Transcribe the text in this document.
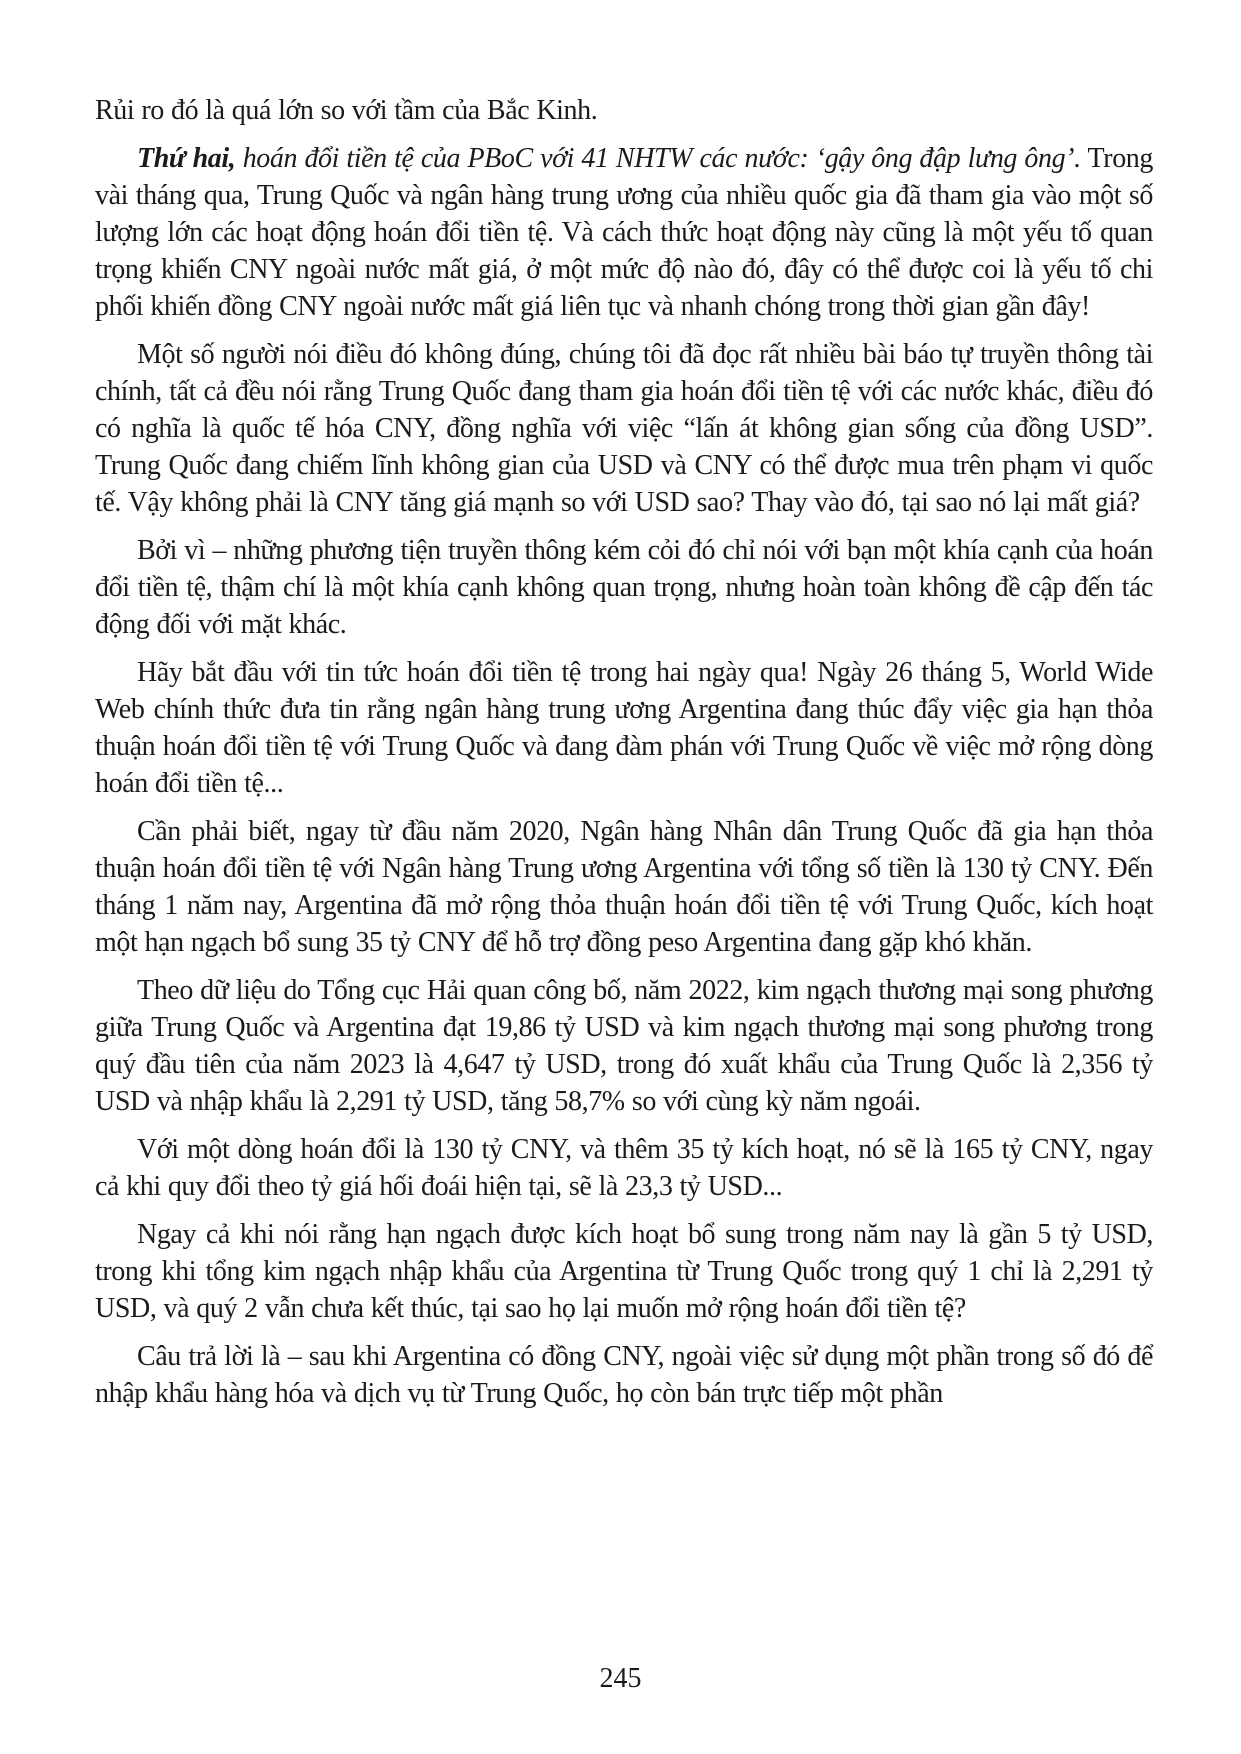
Rủi ro đó là quá lớn so với tầm của Bắc Kinh.

Thứ hai, hoán đổi tiền tệ của PBoC với 41 NHTW các nước: ‘gậy ông đập lưng ông’. Trong vài tháng qua, Trung Quốc và ngân hàng trung ương của nhiều quốc gia đã tham gia vào một số lượng lớn các hoạt động hoán đổi tiền tệ. Và cách thức hoạt động này cũng là một yếu tố quan trọng khiến CNY ngoài nước mất giá, ở một mức độ nào đó, đây có thể được coi là yếu tố chi phối khiến đồng CNY ngoài nước mất giá liên tục và nhanh chóng trong thời gian gần đây!

Một số người nói điều đó không đúng, chúng tôi đã đọc rất nhiều bài báo tự truyền thông tài chính, tất cả đều nói rằng Trung Quốc đang tham gia hoán đổi tiền tệ với các nước khác, điều đó có nghĩa là quốc tế hóa CNY, đồng nghĩa với việc “lấn át không gian sống của đồng USD”. Trung Quốc đang chiếm lĩnh không gian của USD và CNY có thể được mua trên phạm vi quốc tế. Vậy không phải là CNY tăng giá mạnh so với USD sao? Thay vào đó, tại sao nó lại mất giá?

Bởi vì – những phương tiện truyền thông kém cỏi đó chỉ nói với bạn một khía cạnh của hoán đổi tiền tệ, thậm chí là một khía cạnh không quan trọng, nhưng hoàn toàn không đề cập đến tác động đối với mặt khác.

Hãy bắt đầu với tin tức hoán đổi tiền tệ trong hai ngày qua! Ngày 26 tháng 5, World Wide Web chính thức đưa tin rằng ngân hàng trung ương Argentina đang thúc đẩy việc gia hạn thỏa thuận hoán đổi tiền tệ với Trung Quốc và đang đàm phán với Trung Quốc về việc mở rộng dòng hoán đổi tiền tệ...

Cần phải biết, ngay từ đầu năm 2020, Ngân hàng Nhân dân Trung Quốc đã gia hạn thỏa thuận hoán đổi tiền tệ với Ngân hàng Trung ương Argentina với tổng số tiền là 130 tỷ CNY. Đến tháng 1 năm nay, Argentina đã mở rộng thỏa thuận hoán đổi tiền tệ với Trung Quốc, kích hoạt một hạn ngạch bổ sung 35 tỷ CNY để hỗ trợ đồng peso Argentina đang gặp khó khăn.

Theo dữ liệu do Tổng cục Hải quan công bố, năm 2022, kim ngạch thương mại song phương giữa Trung Quốc và Argentina đạt 19,86 tỷ USD và kim ngạch thương mại song phương trong quý đầu tiên của năm 2023 là 4,647 tỷ USD, trong đó xuất khẩu của Trung Quốc là 2,356 tỷ USD và nhập khẩu là 2,291 tỷ USD, tăng 58,7% so với cùng kỳ năm ngoái.

Với một dòng hoán đổi là 130 tỷ CNY, và thêm 35 tỷ kích hoạt, nó sẽ là 165 tỷ CNY, ngay cả khi quy đổi theo tỷ giá hối đoái hiện tại, sẽ là 23,3 tỷ USD...

Ngay cả khi nói rằng hạn ngạch được kích hoạt bổ sung trong năm nay là gần 5 tỷ USD, trong khi tổng kim ngạch nhập khẩu của Argentina từ Trung Quốc trong quý 1 chỉ là 2,291 tỷ USD, và quý 2 vẫn chưa kết thúc, tại sao họ lại muốn mở rộng hoán đổi tiền tệ?

Câu trả lời là – sau khi Argentina có đồng CNY, ngoài việc sử dụng một phần trong số đó để nhập khẩu hàng hóa và dịch vụ từ Trung Quốc, họ còn bán trực tiếp một phần

245
